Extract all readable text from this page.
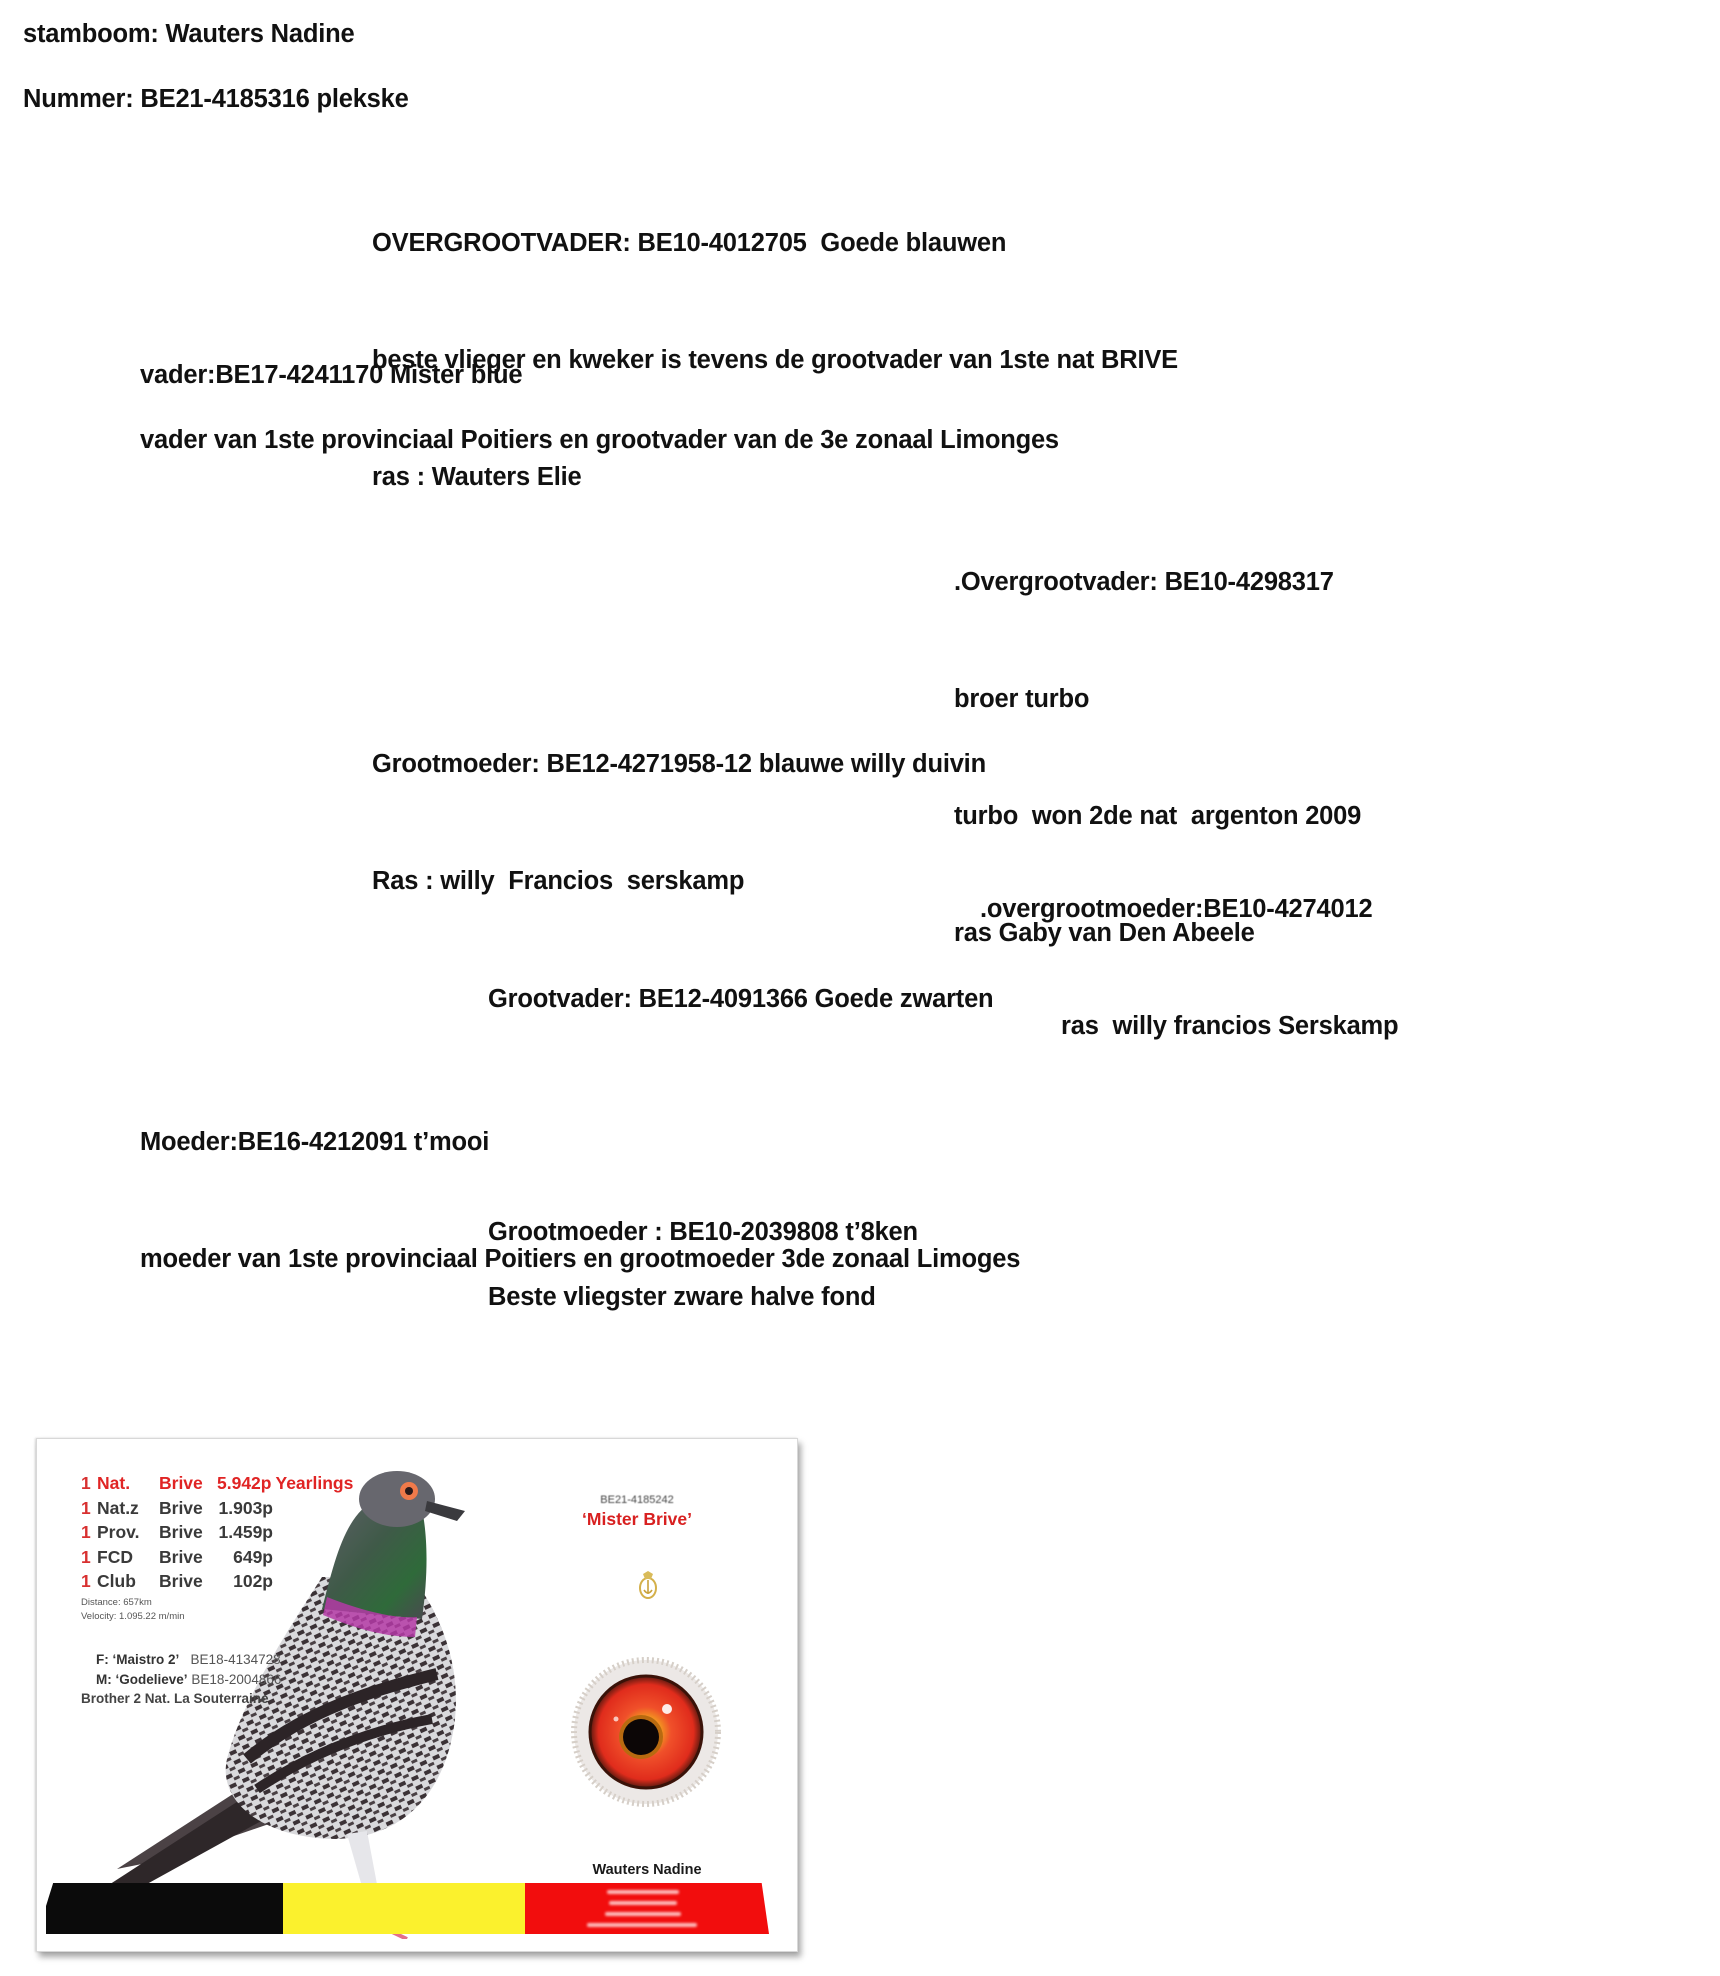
stamboom: Wauters Nadine

Nummer: BE21-4185316 plekske

OVERGROOTVADER: BE10-4012705  Goede blauwen

beste vlieger en kweker is tevens de grootvader van 1ste nat BRIVE

ras : Wauters Elie

vader:BE17-4241170 Mister blue

vader van 1ste provinciaal Poitiers en grootvader van de 3e zonaal Limonges

.Overgrootvader: BE10-4298317

broer turbo

turbo  won 2de nat  argenton 2009

ras Gaby van Den Abeele

Grootmoeder: BE12-4271958-12 blauwe willy duivin

Ras : willy  Francios  serskamp

.overgrootmoeder:BE10-4274012

ras  willy francios Serskamp

Grootvader: BE12-4091366 Goede zwarten

Moeder:BE16-4212091 t’mooi

moeder van 1ste provinciaal Poitiers en grootmoeder 3de zonaal Limoges

Grootmoeder : BE10-2039808 t’8ken

Beste vliegster zware halve fond

1 Nat.	Brive 5.942p Yearlings
1 Nat.z	Brive 1.903p
1 Prov.	Brive 1.459p
1 FCD	Brive	649p
1 Club	Brive	102p
Distance: 657km
Velocity: 1.095.22 m/min

F: ‘Maistro 2’ BE18-4134728

M: ‘Godelieve’ BE18-2004866

Brother 2 Nat. La Souterraine
BE21-4185242
‘Mister Brive’
Wauters Nadine
